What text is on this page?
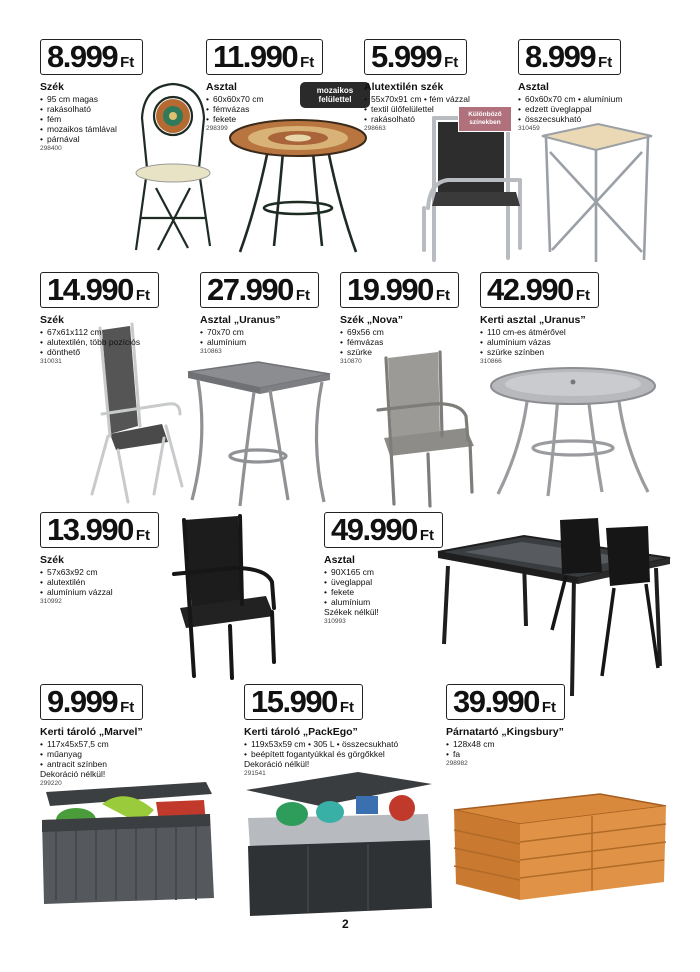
mozaikos felülettel
Különböző színekben
8.999 Ft
Szék
• 95 cm magas
• rakásolható
• fém
• mozaikos támlával
• párnával
298400
11.990 Ft
Asztal
• 60x60x70 cm
• fémvázas
• fekete
298399
5.999 Ft
Alutextilén szék
• 55x70x91 cm • fém vázzal
• textil ülőfelülettel
• rakásolható
298663
8.999 Ft
Asztal
• 60x60x70 cm • alumínium
• edzett üveglappal
• összecsukható
310459
14.990 Ft
Szék
• 67x61x112 cm
• alutextilén, több pozíciós
• dönthető
310031
27.990 Ft
Asztal „Uranus”
• 70x70 cm
• alumínium
310863
19.990 Ft
Szék „Nova”
• 69x56 cm
• fémvázas
• szürke
310870
42.990 Ft
Kerti asztal „Uranus”
• 110 cm-es átmérővel
• alumínium vázas
• szürke színben
310866
13.990 Ft
Szék
• 57x63x92 cm
• alutextilén
• alumínium vázzal
310992
49.990 Ft
Asztal
• 90X165 cm
• üveglappal
• fekete
• alumínium
Székek nélkül!
310993
9.999 Ft
Kerti tároló „Marvel”
• 117x45x57,5 cm
• műanyag
• antracit színben
Dekoráció nélkül!
299220
15.990 Ft
Kerti tároló „PackEgo”
• 119x53x59 cm • 305 L • összecsukható
• beépített fogantyúkkal és görgőkkel
Dekoráció nélkül!
291541
39.990 Ft
Párnatartó „Kingsbury”
• 128x48 cm
• fa
298982
2
